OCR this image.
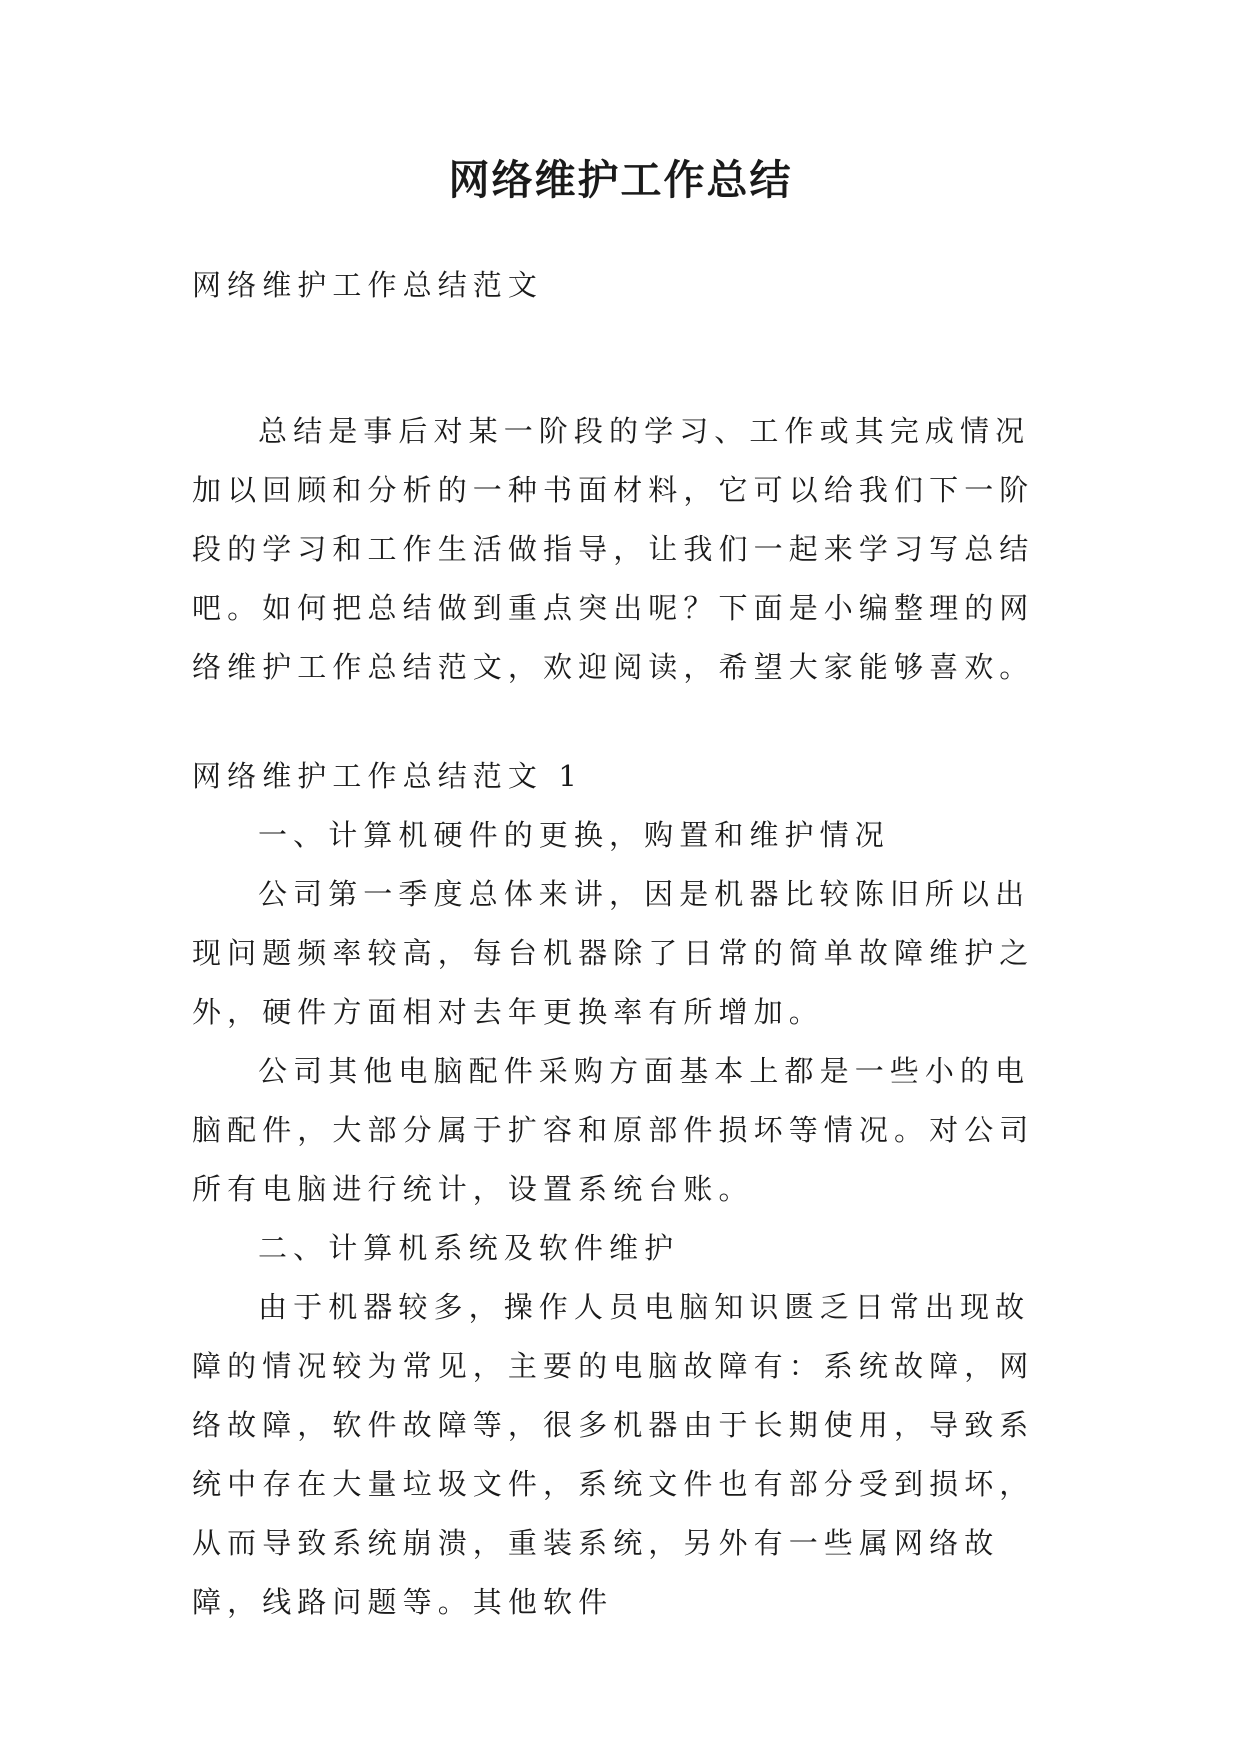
网络维护工作总结

网络维护工作总结范文

总结是事后对某一阶段的学习、工作或其完成情况加以回顾和分析的一种书面材料，它可以给我们下一阶段的学习和工作生活做指导，让我们一起来学习写总结吧。如何把总结做到重点突出呢？下面是小编整理的网络维护工作总结范文，欢迎阅读，希望大家能够喜欢。

网络维护工作总结范文 1

一、计算机硬件的更换，购置和维护情况

公司第一季度总体来讲，因是机器比较陈旧所以出现问题频率较高，每台机器除了日常的简单故障维护之外，硬件方面相对去年更换率有所增加。

公司其他电脑配件采购方面基本上都是一些小的电脑配件，大部分属于扩容和原部件损坏等情况。对公司所有电脑进行统计，设置系统台账。

二、计算机系统及软件维护

由于机器较多，操作人员电脑知识匮乏日常出现故障的情况较为常见，主要的电脑故障有：系统故障，网络故障，软件故障等，很多机器由于长期使用，导致系统中存在大量垃圾文件，系统文件也有部分受到损坏，从而导致系统崩溃，重装系统，另外有一些属网络故障，线路问题等。其他软件
